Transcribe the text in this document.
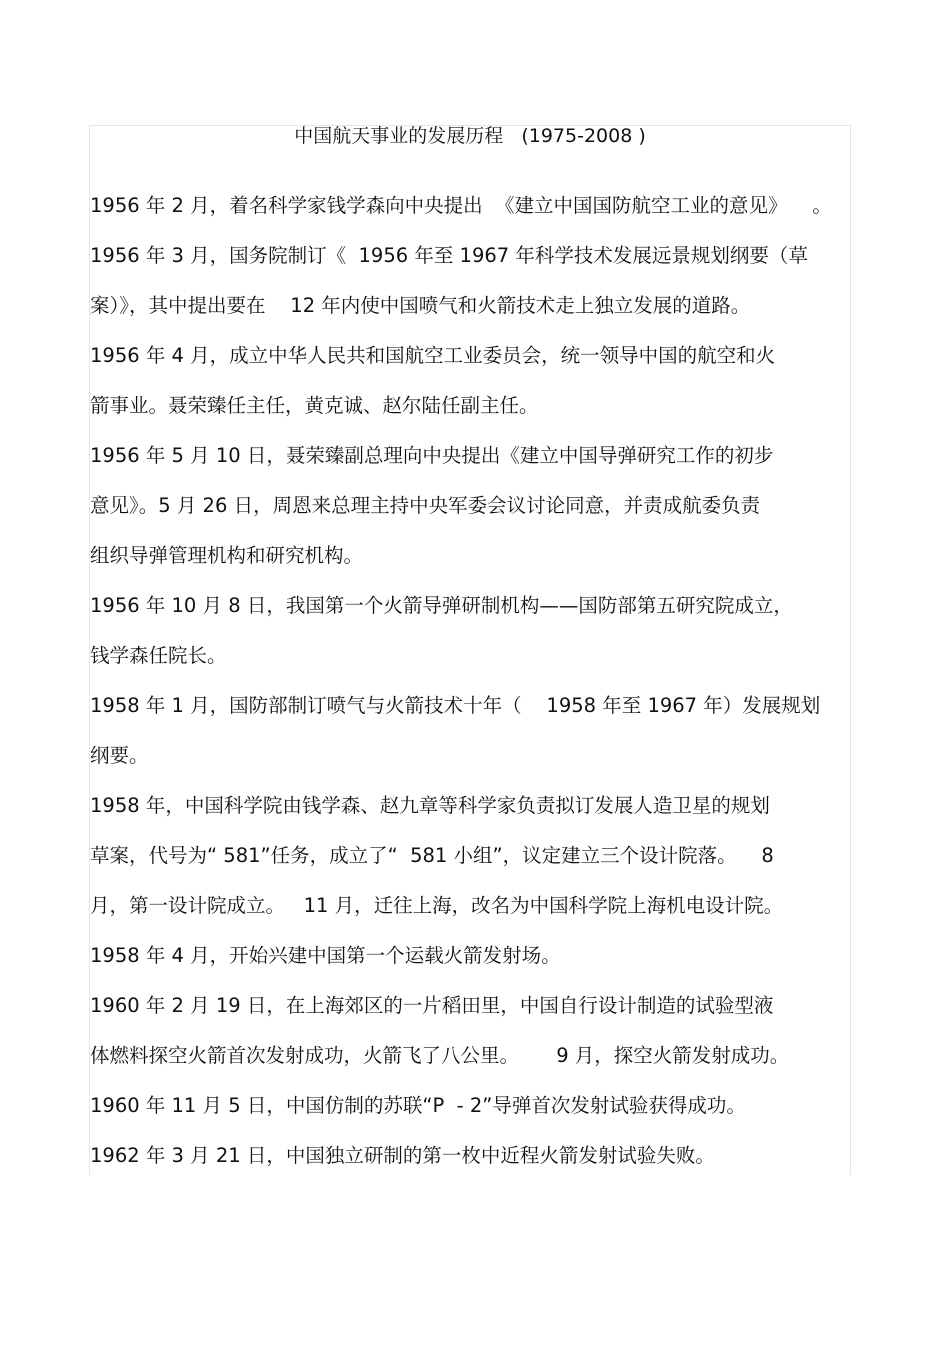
中国航天事业的发展历程   (1975-2008 )
1956 年 2 月，着名科学家钱学森向中央提出  《建立中国国防航空工业的意见》    。
1956 年 3 月，国务院制订《  1956 年至 1967 年科学技术发展远景规划纲要（草
案）》，其中提出要在    12 年内使中国喷气和火箭技术走上独立发展的道路。
1956 年 4 月，成立中华人民共和国航空工业委员会，统一领导中国的航空和火
箭事业。聂荣臻任主任，黄克诚、赵尔陆任副主任。
1956 年 5 月 10 日，聂荣臻副总理向中央提出《建立中国导弹研究工作的初步
意见》。5 月 26 日，周恩来总理主持中央军委会议讨论同意，并责成航委负责
组织导弹管理机构和研究机构。
1956 年 10 月 8 日，我国第一个火箭导弹研制机构——国防部第五研究院成立，
钱学森任院长。
1958 年 1 月，国防部制订喷气与火箭技术十年（    1958 年至 1967 年）发展规划
纲要。
1958 年，中国科学院由钱学森、赵九章等科学家负责拟订发展人造卫星的规划
草案，代号为“ 581”任务，成立了“  581 小组”，议定建立三个设计院落。    8
月，第一设计院成立。   11 月，迁往上海，改名为中国科学院上海机电设计院。
1958 年 4 月，开始兴建中国第一个运载火箭发射场。
1960 年 2 月 19 日，在上海郊区的一片稻田里，中国自行设计制造的试验型液
体燃料探空火箭首次发射成功，火箭飞了八公里。      9 月，探空火箭发射成功。
1960 年 11 月 5 日，中国仿制的苏联“P  - 2”导弹首次发射试验获得成功。
1962 年 3 月 21 日，中国独立研制的第一枚中近程火箭发射试验失败。
